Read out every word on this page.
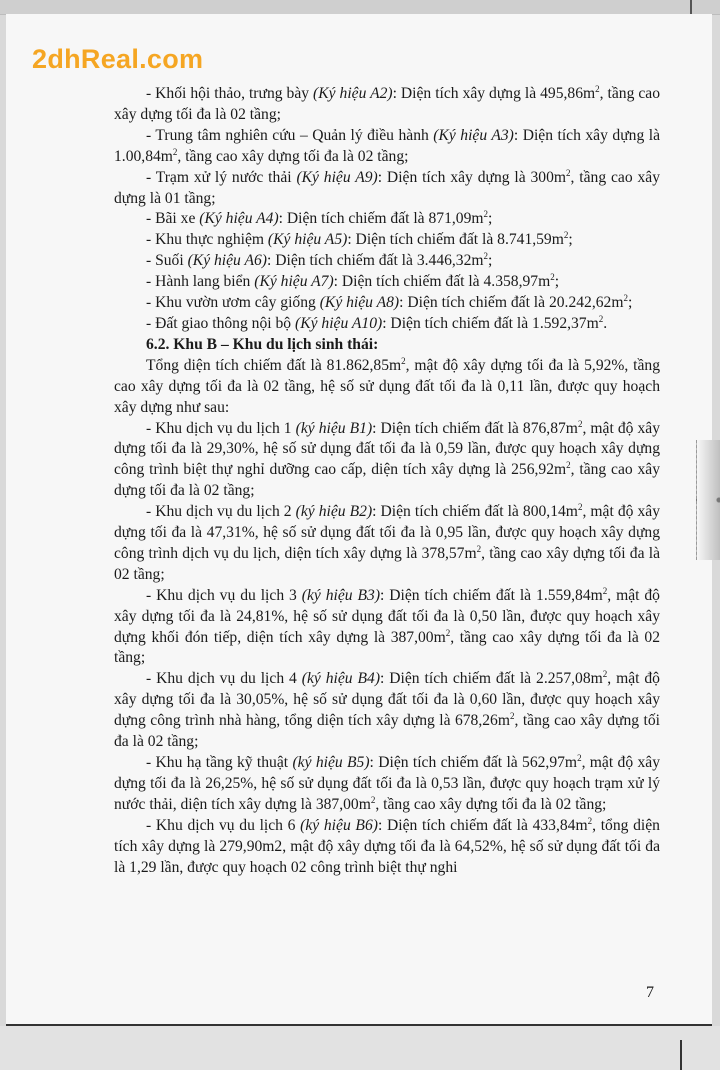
2dhReal.com

- Khối hội thảo, trưng bày (Ký hiệu A2): Diện tích xây dựng là $495,86m^2$, tầng cao xây dựng tối đa là 02 tầng;

- Trung tâm nghiên cứu – Quản lý điều hành (Ký hiệu A3): Diện tích xây dựng là $1.00,84m^2$, tầng cao xây dựng tối đa là 02 tầng;

- Trạm xử lý nước thải (Ký hiệu A9): Diện tích xây dựng là $300m^2$, tầng cao xây dựng là 01 tầng;

- Bãi xe (Ký hiệu A4): Diện tích chiếm đất là $871,09m^2$;

- Khu thực nghiệm (Ký hiệu A5): Diện tích chiếm đất là $8.741,59m^2$;

- Suối (Ký hiệu A6): Diện tích chiếm đất là $3.446,32m^2$;

- Hành lang biển (Ký hiệu A7): Diện tích chiếm đất là $4.358,97m^2$;

- Khu vườn ươm cây giống (Ký hiệu A8): Diện tích chiếm đất là $20.242,62m^2$;

- Đất giao thông nội bộ (Ký hiệu A10): Diện tích chiếm đất là $1.592,37m^2$.

6.2. Khu B – Khu du lịch sinh thái:

Tổng diện tích chiếm đất là $81.862,85m^2$, mật độ xây dựng tối đa là 5,92%, tầng cao xây dựng tối đa là 02 tầng, hệ số sử dụng đất tối đa là 0,11 lần, được quy hoạch xây dựng như sau:

- Khu dịch vụ du lịch 1 (ký hiệu B1): Diện tích chiếm đất là $876,87m^2$, mật độ xây dựng tối đa là 29,30%, hệ số sử dụng đất tối đa là 0,59 lần, được quy hoạch xây dựng công trình biệt thự nghỉ dưỡng cao cấp, diện tích xây dựng là $256,92m^2$, tầng cao xây dựng tối đa là 02 tầng;

- Khu dịch vụ du lịch 2 (ký hiệu B2): Diện tích chiếm đất là $800,14m^2$, mật độ xây dựng tối đa là 47,31%, hệ số sử dụng đất tối đa là 0,95 lần, được quy hoạch xây dựng công trình dịch vụ du lịch, diện tích xây dựng là $378,57m^2$, tầng cao xây dựng tối đa là 02 tầng;

- Khu dịch vụ du lịch 3 (ký hiệu B3): Diện tích chiếm đất là $1.559,84m^2$, mật độ xây dựng tối đa là 24,81%, hệ số sử dụng đất tối đa là 0,50 lần, được quy hoạch xây dựng khối đón tiếp, diện tích xây dựng là $387,00m^2$, tầng cao xây dựng tối đa là 02 tầng;

- Khu dịch vụ du lịch 4 (ký hiệu B4): Diện tích chiếm đất là $2.257,08m^2$, mật độ xây dựng tối đa là 30,05%, hệ số sử dụng đất tối đa là 0,60 lần, được quy hoạch xây dựng công trình nhà hàng, tổng diện tích xây dựng là $678,26m^2$, tầng cao xây dựng tối đa là 02 tầng;

- Khu hạ tầng kỹ thuật (ký hiệu B5): Diện tích chiếm đất là $562,97m^2$, mật độ xây dựng tối đa là 26,25%, hệ số sử dụng đất tối đa là 0,53 lần, được quy hoạch trạm xử lý nước thải, diện tích xây dựng là $387,00m^2$, tầng cao xây dựng tối đa là 02 tầng;

- Khu dịch vụ du lịch 6 (ký hiệu B6): Diện tích chiếm đất là $433,84m^2$, tổng diện tích xây dựng là 279,90m2, mật độ xây dựng tối đa là 64,52%, hệ số sử dụng đất tối đa là 1,29 lần, được quy hoạch 02 công trình biệt thự nghi

7
